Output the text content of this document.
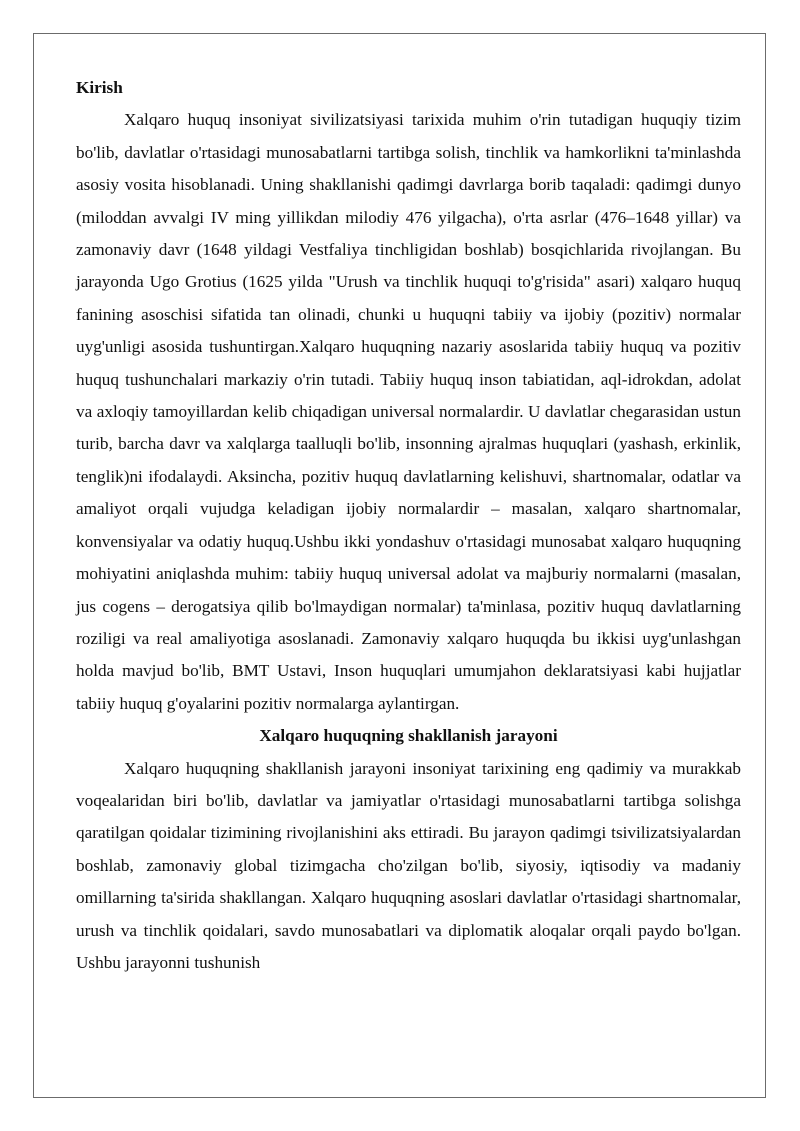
Kirish

Xalqaro huquq insoniyat sivilizatsiyasi tarixida muhim o'rin tutadigan huquqiy tizim bo'lib, davlatlar o'rtasidagi munosabatlarni tartibga solish, tinchlik va hamkorlikni ta'minlashda asosiy vosita hisoblanadi. Uning shakllanishi qadimgi davrlarga borib taqaladi: qadimgi dunyo (miloddan avvalgi IV ming yillikdan milodiy 476 yilgacha), o'rta asrlar (476–1648 yillar) va zamonaviy davr (1648 yildagi Vestfaliya tinchligidan boshlab) bosqichlarida rivojlangan. Bu jarayonda Ugo Grotius (1625 yilda "Urush va tinchlik huquqi to'g'risida" asari) xalqaro huquq fanining asoschisi sifatida tan olinadi, chunki u huquqni tabiiy va ijobiy (pozitiv) normalar uyg'unligi asosida tushuntirgan.Xalqaro huquqning nazariy asoslarida tabiiy huquq va pozitiv huquq tushunchalari markaziy o'rin tutadi. Tabiiy huquq inson tabiatidan, aql-idrokdan, adolat va axloqiy tamoyillardan kelib chiqadigan universal normalardir. U davlatlar chegarasidan ustun turib, barcha davr va xalqlarga taalluqli bo'lib, insonning ajralmas huquqlari (yashash, erkinlik, tenglik)ni ifodalaydi. Aksincha, pozitiv huquq davlatlarning kelishuvi, shartnomalar, odatlar va amaliyot orqali vujudga keladigan ijobiy normalardir – masalan, xalqaro shartnomalar, konvensiyalar va odatiy huquq.Ushbu ikki yondashuv o'rtasidagi munosabat xalqaro huquqning mohiyatini aniqlashda muhim: tabiiy huquq universal adolat va majburiy normalarni (masalan, jus cogens – derogatsiya qilib bo'lmaydigan normalar) ta'minlasa, pozitiv huquq davlatlarning roziligi va real amaliyotiga asoslanadi. Zamonaviy xalqaro huquqda bu ikkisi uyg'unlashgan holda mavjud bo'lib, BMT Ustavi, Inson huquqlari umumjahon deklaratsiyasi kabi hujjatlar tabiiy huquq g'oyalarini pozitiv normalarga aylantirgan.

Xalqaro huquqning shakllanish jarayoni

Xalqaro huquqning shakllanish jarayoni insoniyat tarixining eng qadimiy va murakkab voqealaridan biri bo'lib, davlatlar va jamiyatlar o'rtasidagi munosabatlarni tartibga solishga qaratilgan qoidalar tizimining rivojlanishini aks ettiradi. Bu jarayon qadimgi tsivilizatsiyalardan boshlab, zamonaviy global tizimgacha cho'zilgan bo'lib, siyosiy, iqtisodiy va madaniy omillarning ta'sirida shakllangan. Xalqaro huquqning asoslari davlatlar o'rtasidagi shartnomalar, urush va tinchlik qoidalari, savdo munosabatlari va diplomatik aloqalar orqali paydo bo'lgan. Ushbu jarayonni tushunish
